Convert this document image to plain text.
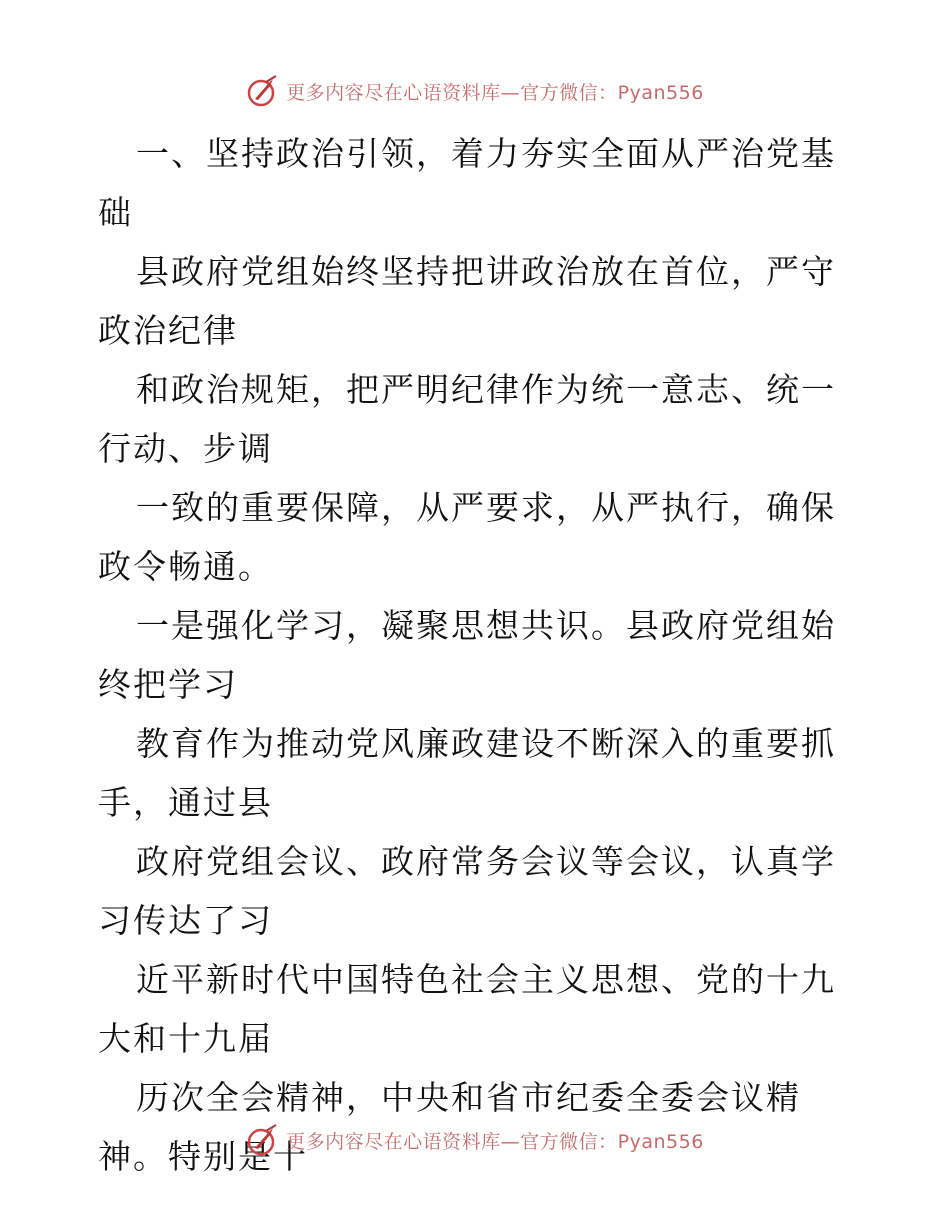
更多内容尽在心语资料库—官方微信：Pyan556

一、坚持政治引领，着力夯实全面从严治党基础

县政府党组始终坚持把讲政治放在首位，严守政治纪律

和政治规矩，把严明纪律作为统一意志、统一行动、步调

一致的重要保障，从严要求，从严执行，确保政令畅通。

一是强化学习，凝聚思想共识。县政府党组始终把学习

教育作为推动党风廉政建设不断深入的重要抓手，通过县

政府党组会议、政府常务会议等会议，认真学习传达了习

近平新时代中国特色社会主义思想、党的十九大和十九届

历次全会精神，中央和省市纪委全委会议精神。特别是十

更多内容尽在心语资料库—官方微信：Pyan556
